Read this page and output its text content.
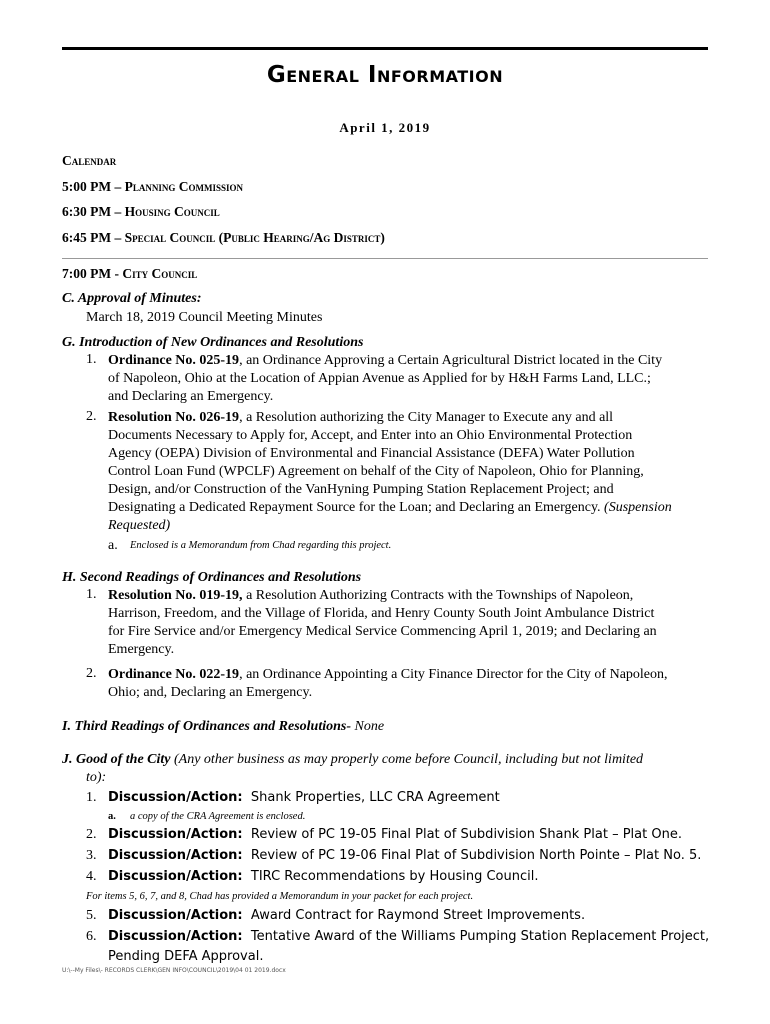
General Information
April 1, 2019
Calendar
5:00 PM – Planning Commission
6:30 PM – Housing Council
6:45 PM – Special Council (Public Hearing/Ag District)
7:00 PM - City Council
C. Approval of Minutes:
March 18, 2019 Council Meeting Minutes
G. Introduction of New Ordinances and Resolutions
1. Ordinance No. 025-19, an Ordinance Approving a Certain Agricultural District located in the City
of Napoleon, Ohio at the Location of Appian Avenue as Applied for by H&H Farms Land, LLC.;
and Declaring an Emergency.
2. Resolution No. 026-19, a Resolution authorizing the City Manager to Execute any and all
Documents Necessary to Apply for, Accept, and Enter into an Ohio Environmental Protection
Agency (OEPA) Division of Environmental and Financial Assistance (DEFA) Water Pollution
Control Loan Fund (WPCLF) Agreement on behalf of the City of Napoleon, Ohio for Planning,
Design, and/or Construction of the VanHyning Pumping Station Replacement Project; and
Designating a Dedicated Repayment Source for the Loan; and Declaring an Emergency. (Suspension
Requested)
a. Enclosed is a Memorandum from Chad regarding this project.
H. Second Readings of Ordinances and Resolutions
1. Resolution No. 019-19, a Resolution Authorizing Contracts with the Townships of Napoleon,
Harrison, Freedom, and the Village of Florida, and Henry County South Joint Ambulance District
for Fire Service and/or Emergency Medical Service Commencing April 1, 2019; and Declaring an
Emergency.
2. Ordinance No. 022-19, an Ordinance Appointing a City Finance Director for the City of Napoleon,
Ohio; and, Declaring an Emergency.
I. Third Readings of Ordinances and Resolutions- None
J. Good of the City (Any other business as may properly come before Council, including but not limited
to):
1. Discussion/Action: Shank Properties, LLC CRA Agreement
a. a copy of the CRA Agreement is enclosed.
2. Discussion/Action: Review of PC 19-05 Final Plat of Subdivision Shank Plat – Plat One.
3. Discussion/Action: Review of PC 19-06 Final Plat of Subdivision North Pointe – Plat No. 5.
4. Discussion/Action: TIRC Recommendations by Housing Council.
For items 5, 6, 7, and 8, Chad has provided a Memorandum in your packet for each project.
5. Discussion/Action: Award Contract for Raymond Street Improvements.
6. Discussion/Action: Tentative Award of the Williams Pumping Station Replacement Project,
Pending DEFA Approval.
U:\--My Files\- RECORDS CLERK\GEN INFO\COUNCIL\2019\04 01 2019.docx
